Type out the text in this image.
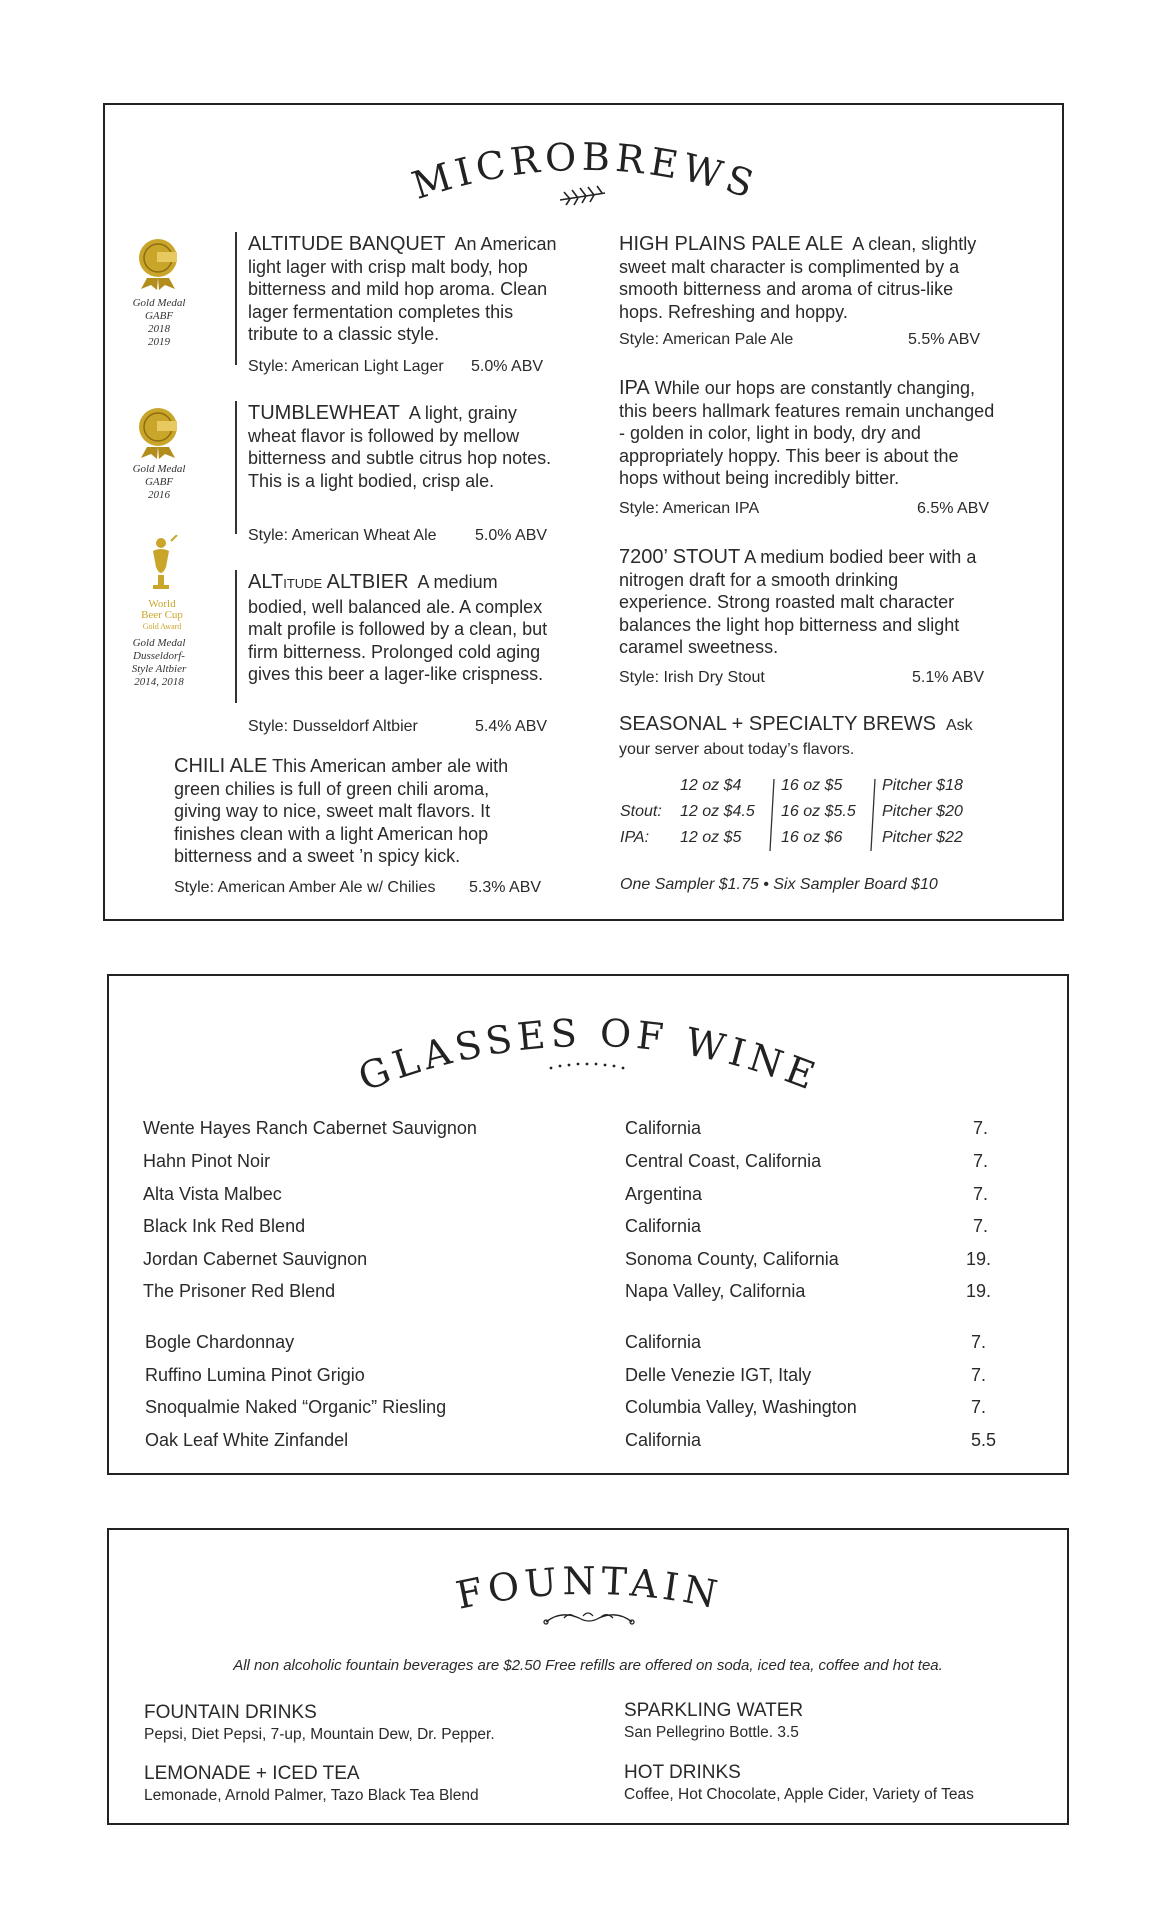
MICROBREWS
Gold Medal
GABF
2018
2019
ALTITUDE BANQUET An American light lager with crisp malt body, hop bitterness and mild hop aroma. Clean lager fermentation completes this tribute to a classic style.
Style: American Light Lager 5.0% ABV
Gold Medal
GABF
2016
TUMBLEWHEAT A light, grainy wheat flavor is followed by mellow bitterness and subtle citrus hop notes. This is a light bodied, crisp ale.
Style: American Wheat Ale 5.0% ABV
World
Beer Cup
Gold Award
Gold Medal
Dusseldorf-
Style Altbier
2014, 2018
ALTITUDE ALTBIER A medium bodied, well balanced ale. A complex malt profile is followed by a clean, but firm bitterness. Prolonged cold aging gives this beer a lager-like crispness.
Style: Dusseldorf Altbier	5.4% ABV
CHILI ALE This American amber ale with green chilies is full of green chili aroma, giving way to nice, sweet malt flavors. It finishes clean with a light American hop bitterness and a sweet ’n spicy kick.
Style: American Amber Ale w/ Chilies 5.3% ABV
HIGH PLAINS PALE ALE A clean, slightly sweet malt character is complimented by a smooth bitterness and aroma of citrus-like hops. Refreshing and hoppy.
Style: American Pale Ale	5.5% ABV
IPA While our hops are constantly changing, this beers hallmark features remain unchanged - golden in color, light in body, dry and appropriately hoppy. This beer is about the hops without being incredibly bitter.
Style: American IPA	6.5% ABV
7200’ STOUT A medium bodied beer with a nitrogen draft for a smooth drinking experience. Strong roasted malt character balances the light hop bitterness and slight caramel sweetness.
Style: Irish Dry Stout	5.1% ABV
SEASONAL + SPECIALTY BREWS Ask your server about today’s flavors.
12 oz $4 16 oz $5 Pitcher $18
Stout: 12 oz $4.5 16 oz $5.5 Pitcher $20
IPA: 12 oz $5 16 oz $6 Pitcher $22
One Sampler $1.75 • Six Sampler Board $10
GLASSES OF WINE
Wente Hayes Ranch Cabernet Sauvignon	California	7.
Hahn Pinot Noir	Central Coast, California	7.
Alta Vista Malbec	Argentina	7.
Black Ink Red Blend	California	7.
Jordan Cabernet Sauvignon	Sonoma County, California	19.
The Prisoner Red Blend	Napa Valley, California	19.
Bogle Chardonnay	California	7.
Ruffino Lumina Pinot Grigio	Delle Venezie IGT, Italy	7.
Snoqualmie Naked “Organic” Riesling	Columbia Valley, Washington	7.
Oak Leaf White Zinfandel	California	5.5
FOUNTAIN
All non alcoholic fountain beverages are $2.50 Free refills are offered on soda, iced tea, coffee and hot tea.
FOUNTAIN DRINKS
Pepsi, Diet Pepsi, 7-up, Mountain Dew, Dr. Pepper.
LEMONADE + ICED TEA
Lemonade, Arnold Palmer, Tazo Black Tea Blend
SPARKLING WATER
San Pellegrino Bottle. 3.5
HOT DRINKS
Coffee, Hot Chocolate, Apple Cider, Variety of Teas
